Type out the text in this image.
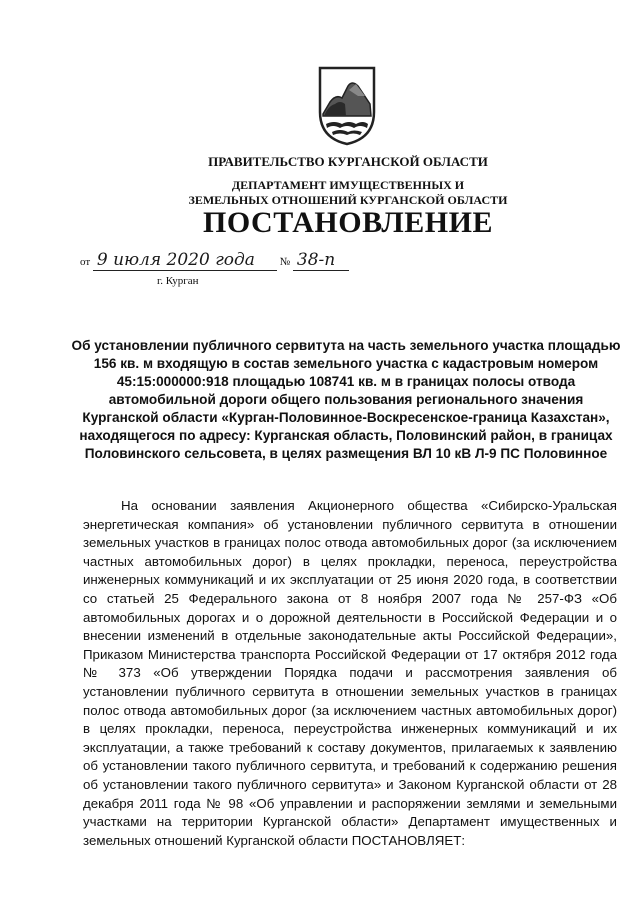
ПРАВИТЕЛЬСТВО КУРГАНСКОЙ ОБЛАСТИ
ДЕПАРТАМЕНТ ИМУЩЕСТВЕННЫХ И
ЗЕМЕЛЬНЫХ ОТНОШЕНИЙ КУРГАНСКОЙ ОБЛАСТИ
ПОСТАНОВЛЕНИЕ
от 9 июля 2020 года № 38-п
г. Курган
Об установлении публичного сервитута на часть земельного участка площадью 156 кв. м входящую в состав земельного участка с кадастровым номером 45:15:000000:918 площадью 108741 кв. м в границах полосы отвода автомобильной дороги общего пользования регионального значения Курганской области «Курган-Половинное-Воскресенское-граница Казахстан», находящегося по адресу: Курганская область, Половинский район, в границах Половинского сельсовета, в целях размещения ВЛ 10 кВ Л-9 ПС Половинное

На основании заявления Акционерного общества «Сибирско-Уральская энергетическая компания» об установлении публичного сервитута в отношении земельных участков в границах полос отвода автомобильных дорог (за исключением частных автомобильных дорог) в целях прокладки, переноса, переустройства инженерных коммуникаций и их эксплуатации от 25 июня 2020 года, в соответствии со статьей 25 Федерального закона от 8 ноября 2007 года № 257-ФЗ «Об автомобильных дорогах и о дорожной деятельности в Российской Федерации и о внесении изменений в отдельные законодательные акты Российской Федерации», Приказом Министерства транспорта Российской Федерации от 17 октября 2012 года № 373 «Об утверждении Порядка подачи и рассмотрения заявления об установлении публичного сервитута в отношении земельных участков в границах полос отвода автомобильных дорог (за исключением частных автомобильных дорог) в целях прокладки, переноса, переустройства инженерных коммуникаций и их эксплуатации, а также требований к составу документов, прилагаемых к заявлению об установлении такого публичного сервитута, и требований к содержанию решения об установлении такого публичного сервитута» и Законом Курганской области от 28 декабря 2011 года № 98 «Об управлении и распоряжении землями и земельными участками на территории Курганской области» Департамент имущественных и земельных отношений Курганской области ПОСТАНОВЛЯЕТ:
